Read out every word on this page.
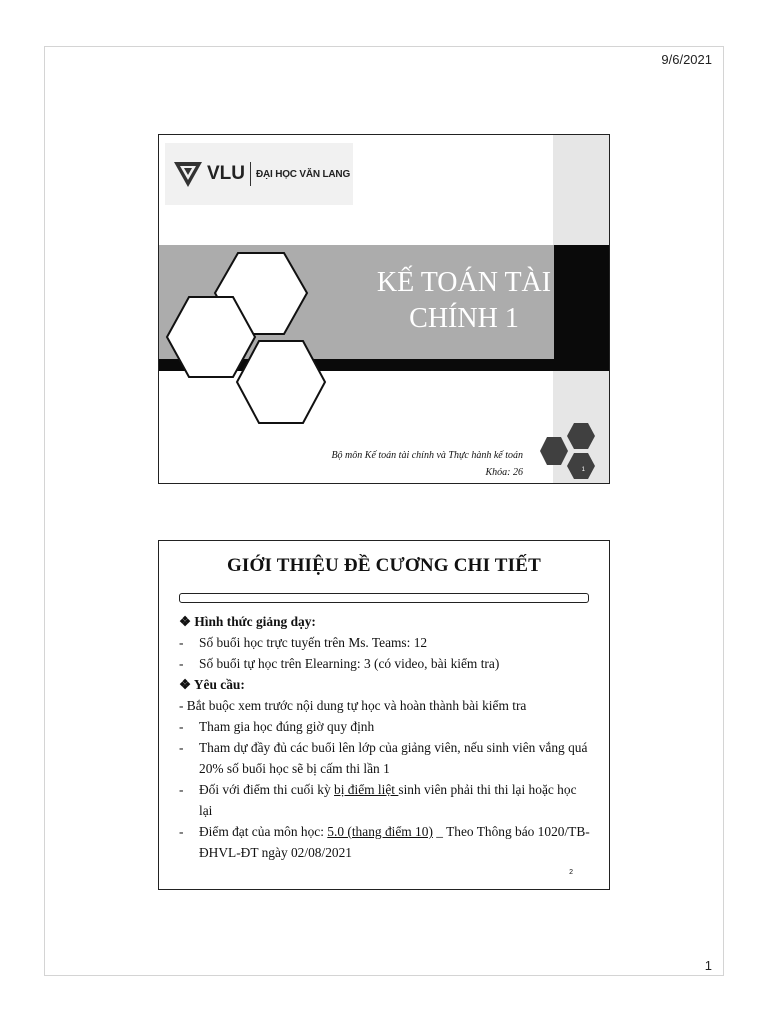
9/6/2021
VLU ĐẠI HỌC VĂN LANG
KẾ TOÁN TÀI
CHÍNH 1
Bộ môn Kế toán tài chính và Thực hành kế toán
Khóa: 26	1
GIỚI THIỆU ĐỀ CƯƠNG CHI TIẾT
❖ Hình thức giảng dạy:
-	Số buổi học trực tuyến trên Ms. Teams: 12
-	Số buổi tự học trên Elearning: 3 (có video, bài kiểm tra)
❖ Yêu cầu:
- Bắt buộc xem trước nội dung tự học và hoàn thành bài kiểm tra
-	Tham gia học đúng giờ quy định
-	Tham dự đầy đủ các buổi lên lớp của giảng viên, nếu sinh viên vắng quá 20% số buổi học sẽ bị cấm thi lần 1
-	Đối với điểm thi cuối kỳ bị điểm liệt sinh viên phải thi thi lại hoặc học lại
-	Điểm đạt của môn học: 5.0 (thang điểm 10) _ Theo Thông báo 1020/TB-ĐHVL-ĐT ngày 02/08/2021
2
1
